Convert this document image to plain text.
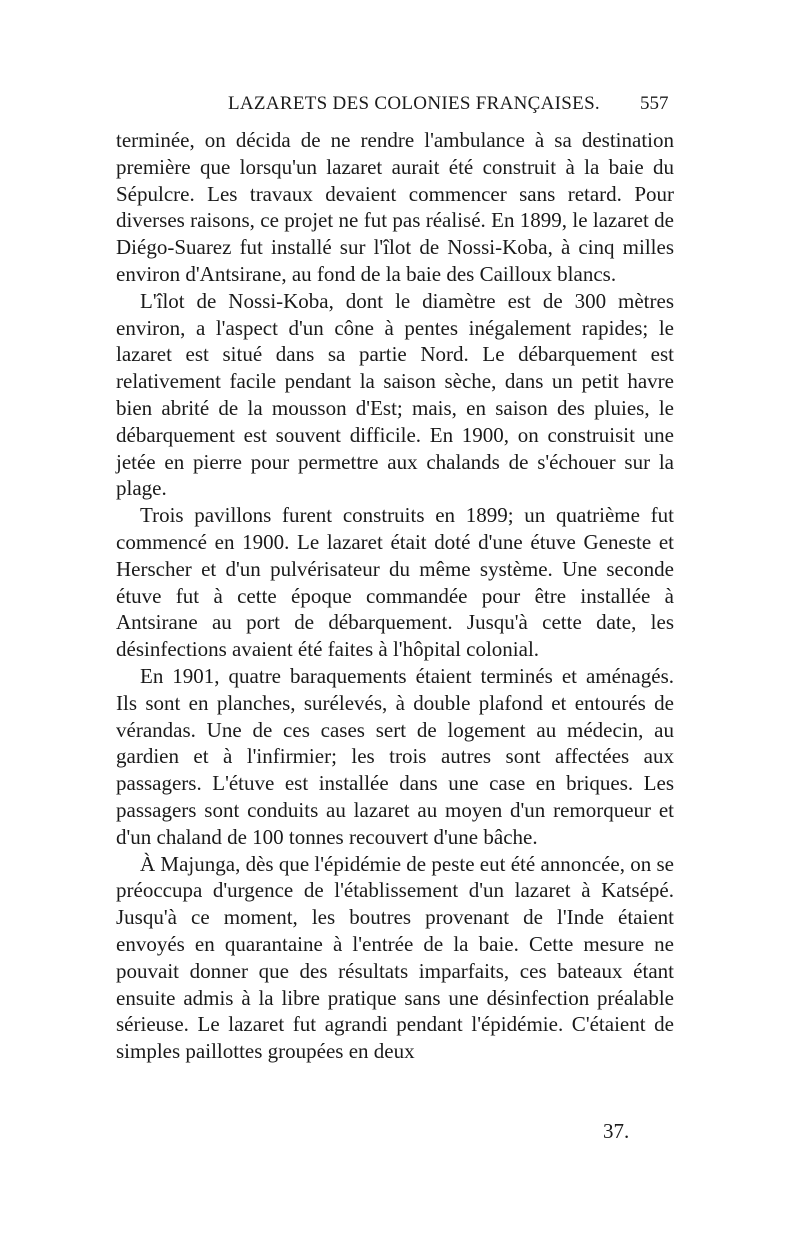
LAZARETS DES COLONIES FRANÇAISES. 557

terminée, on décida de ne rendre l'ambulance à sa destination première que lorsqu'un lazaret aurait été construit à la baie du Sépulcre. Les travaux devaient commencer sans retard. Pour diverses raisons, ce projet ne fut pas réalisé. En 1899, le lazaret de Diégo-Suarez fut installé sur l'îlot de Nossi-Koba, à cinq milles environ d'Antsirane, au fond de la baie des Cailloux blancs.

L'îlot de Nossi-Koba, dont le diamètre est de 300 mètres environ, a l'aspect d'un cône à pentes inégalement rapides; le lazaret est situé dans sa partie Nord. Le débarquement est relativement facile pendant la saison sèche, dans un petit havre bien abrité de la mousson d'Est; mais, en saison des pluies, le débarquement est souvent difficile. En 1900, on construisit une jetée en pierre pour permettre aux chalands de s'échouer sur la plage.

Trois pavillons furent construits en 1899; un quatrième fut commencé en 1900. Le lazaret était doté d'une étuve Geneste et Herscher et d'un pulvérisateur du même système. Une seconde étuve fut à cette époque commandée pour être installée à Antsirane au port de débarquement. Jusqu'à cette date, les désinfections avaient été faites à l'hôpital colonial.

En 1901, quatre baraquements étaient terminés et aménagés. Ils sont en planches, surélevés, à double plafond et entourés de vérandas. Une de ces cases sert de logement au médecin, au gardien et à l'infirmier; les trois autres sont affectées aux passagers. L'étuve est installée dans une case en briques. Les passagers sont conduits au lazaret au moyen d'un remorqueur et d'un chaland de 100 tonnes recouvert d'une bâche.

À Majunga, dès que l'épidémie de peste eut été annoncée, on se préoccupa d'urgence de l'établissement d'un lazaret à Katsépé. Jusqu'à ce moment, les boutres provenant de l'Inde étaient envoyés en quarantaine à l'entrée de la baie. Cette mesure ne pouvait donner que des résultats imparfaits, ces bateaux étant ensuite admis à la libre pratique sans une désinfection préalable sérieuse. Le lazaret fut agrandi pendant l'épidémie. C'étaient de simples paillottes groupées en deux

37.
